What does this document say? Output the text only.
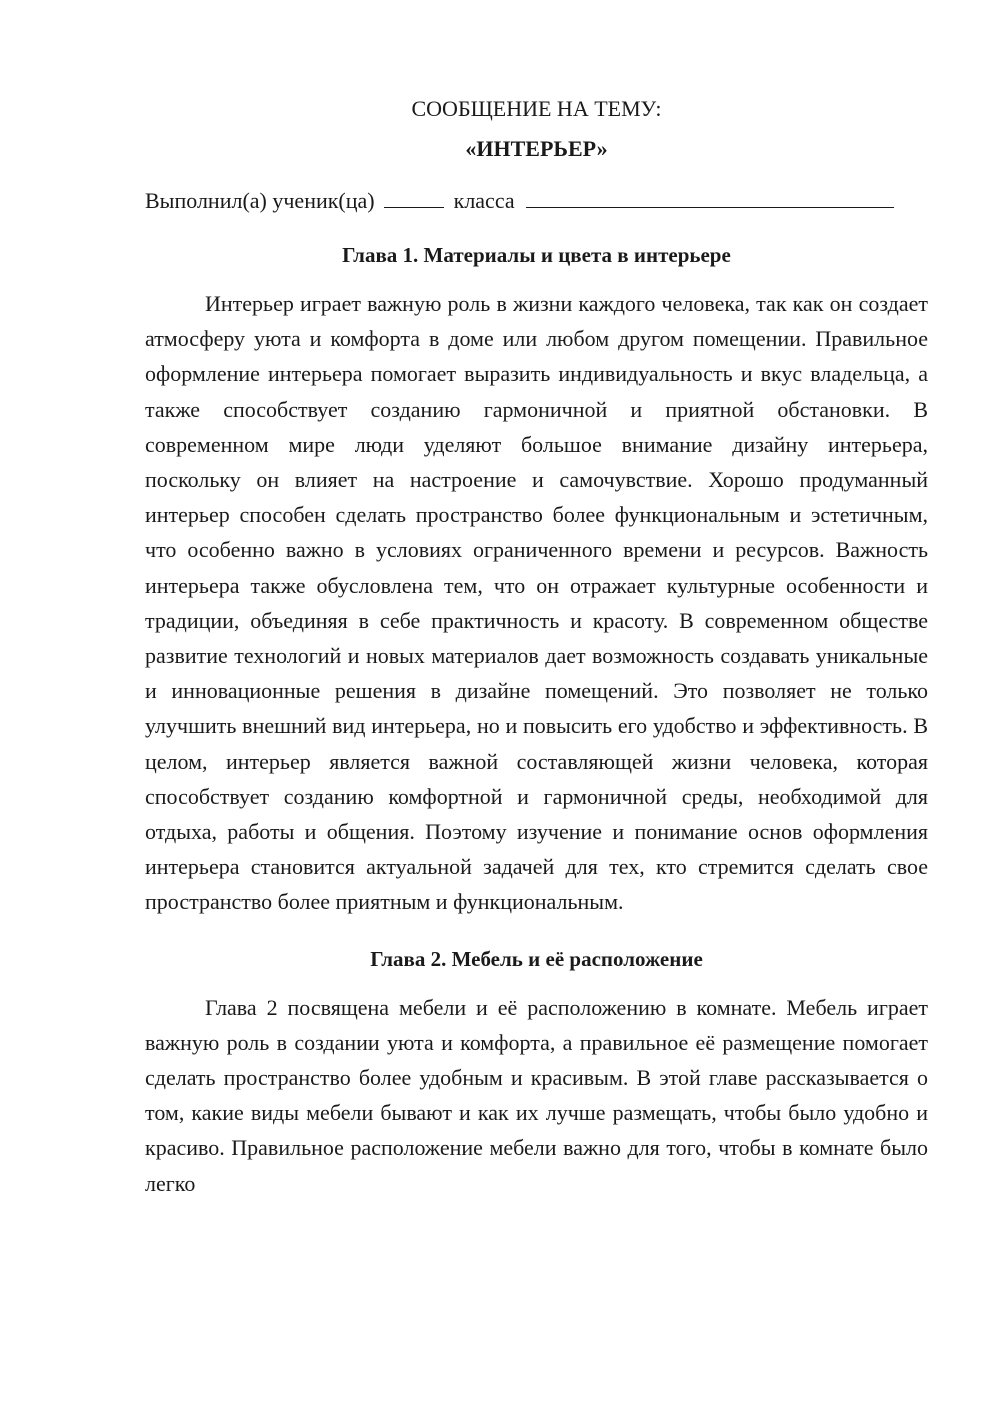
СООБЩЕНИЕ НА ТЕМУ:
«ИНТЕРЬЕР»
Выполнил(а) ученик(ца)	класса
Глава 1. Материалы и цвета в интерьере

Интерьер играет важную роль в жизни каждого человека, так как он создает атмосферу уюта и комфорта в доме или любом другом помещении. Правильное оформление интерьера помогает выразить индивидуальность и вкус владельца, а также способствует созданию гармоничной и приятной обстановки. В современном мире люди уделяют большое внимание дизайну интерьера, поскольку он влияет на настроение и самочувствие. Хорошо продуманный интерьер способен сделать пространство более функциональным и эстетичным, что особенно важно в условиях ограниченного времени и ресурсов. Важность интерьера также обусловлена тем, что он отражает культурные особенности и традиции, объединяя в себе практичность и красоту. В современном обществе развитие технологий и новых материалов дает возможность создавать уникальные и инновационные решения в дизайне помещений. Это позволяет не только улучшить внешний вид интерьера, но и повысить его удобство и эффективность. В целом, интерьер является важной составляющей жизни человека, которая способствует созданию комфортной и гармоничной среды, необходимой для отдыха, работы и общения. Поэтому изучение и понимание основ оформления интерьера становится актуальной задачей для тех, кто стремится сделать свое пространство более приятным и функциональным.

Глава 2. Мебель и её расположение

Глава 2 посвящена мебели и её расположению в комнате. Мебель играет важную роль в создании уюта и комфорта, а правильное её размещение помогает сделать пространство более удобным и красивым. В этой главе рассказывается о том, какие виды мебели бывают и как их лучше размещать, чтобы было удобно и красиво. Правильное расположение мебели важно для того, чтобы в комнате было легко
